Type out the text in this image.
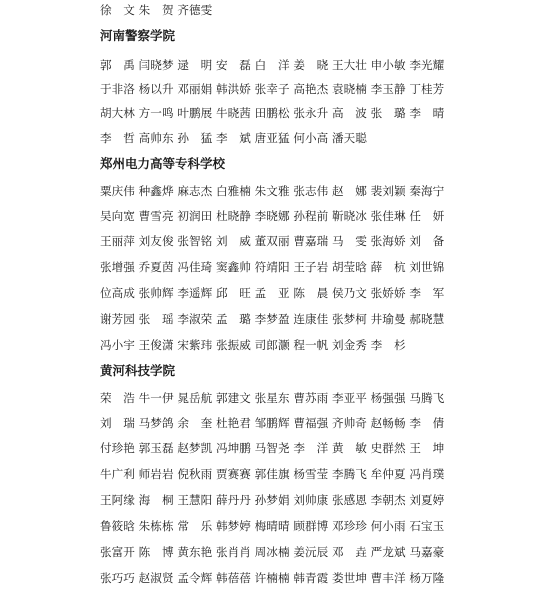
徐　文 朱　贺 齐德雯
河南警察学院
郭　禹 闫晓梦 逯　明 安　磊 白　洋 姜　晓 王大壮 申小敏 李光耀
于非洛 杨以升 邓丽娟 韩洪娇 张幸子 高艳杰 袁晓楠 李玉静 丁桂芳
胡大林 方一鸣 叶鹏展 牛晓茜 田鹏松 张永升 高　波 张　璐 李　晴
李　哲 高帅东 孙　猛 李　斌 唐亚猛 何小高 潘天聪
郑州电力高等专科学校
粟庆伟 种鑫烨 麻志杰 白雅楠 朱文雅 张志伟 赵　娜 裴刘颖 秦海宁
吴向宽 曹雪亮 初润田 杜晓静 李晓娜 孙程前 靳晓冰 张佳琳 任　妍
王丽萍 刘友俊 张智铭 刘　威 董双丽 曹嘉瑞 马　雯 张海娇 刘　备
张增强 乔夏茵 冯佳琦 窦鑫帅 符靖阳 王子岩 胡莹晗 薛　杭 刘世锦
位高成 张帅辉 李遥辉 邱　旺 孟　亚 陈　晨 侯乃文 张娇娇 李　军
谢芳园 张　瑶 李淑荣 孟　璐 李梦盈 连康佳 张梦柯 井瑜曼 郝晓慧
冯小宇 王俊潇 宋紫玮 张振威 司郎灏 程一帆 刘金秀 李　杉
黄河科技学院
荣　浩 牛一伊 晁岳航 郭建文 张星东 曹苏雨 李亚平 杨强强 马腾飞
刘　瑞 马梦鸽 余　奎 杜艳君 邹鹏辉 曹福强 齐帅奇 赵畅畅 李　倩
付珍艳 郭玉磊 赵梦凯 冯坤鹏 马智尧 李　洋 黄　敏 史群然 王　坤
牛广利 师岩岩 倪秋雨 贾赛赛 郭佳旗 杨雪莹 李腾飞 牟仲夏 冯肖璞
王阿缘 海　桐 王慧阳 薛丹丹 孙梦娟 刘帅康 张感恩 李朝杰 刘夏婷
鲁筱晗 朱栋栋 常　乐 韩梦婷 梅晴晴 顾群博 邓珍珍 何小雨 石宝玉
张富开 陈　博 黄东艳 张肖肖 周冰楠 姜沅辰 邓　垚 严龙斌 马嘉豪
张巧巧 赵淑贤 孟令辉 韩蓓蓓 许楠楠 韩青霞 娄世坤 曹丰洋 杨万隆
